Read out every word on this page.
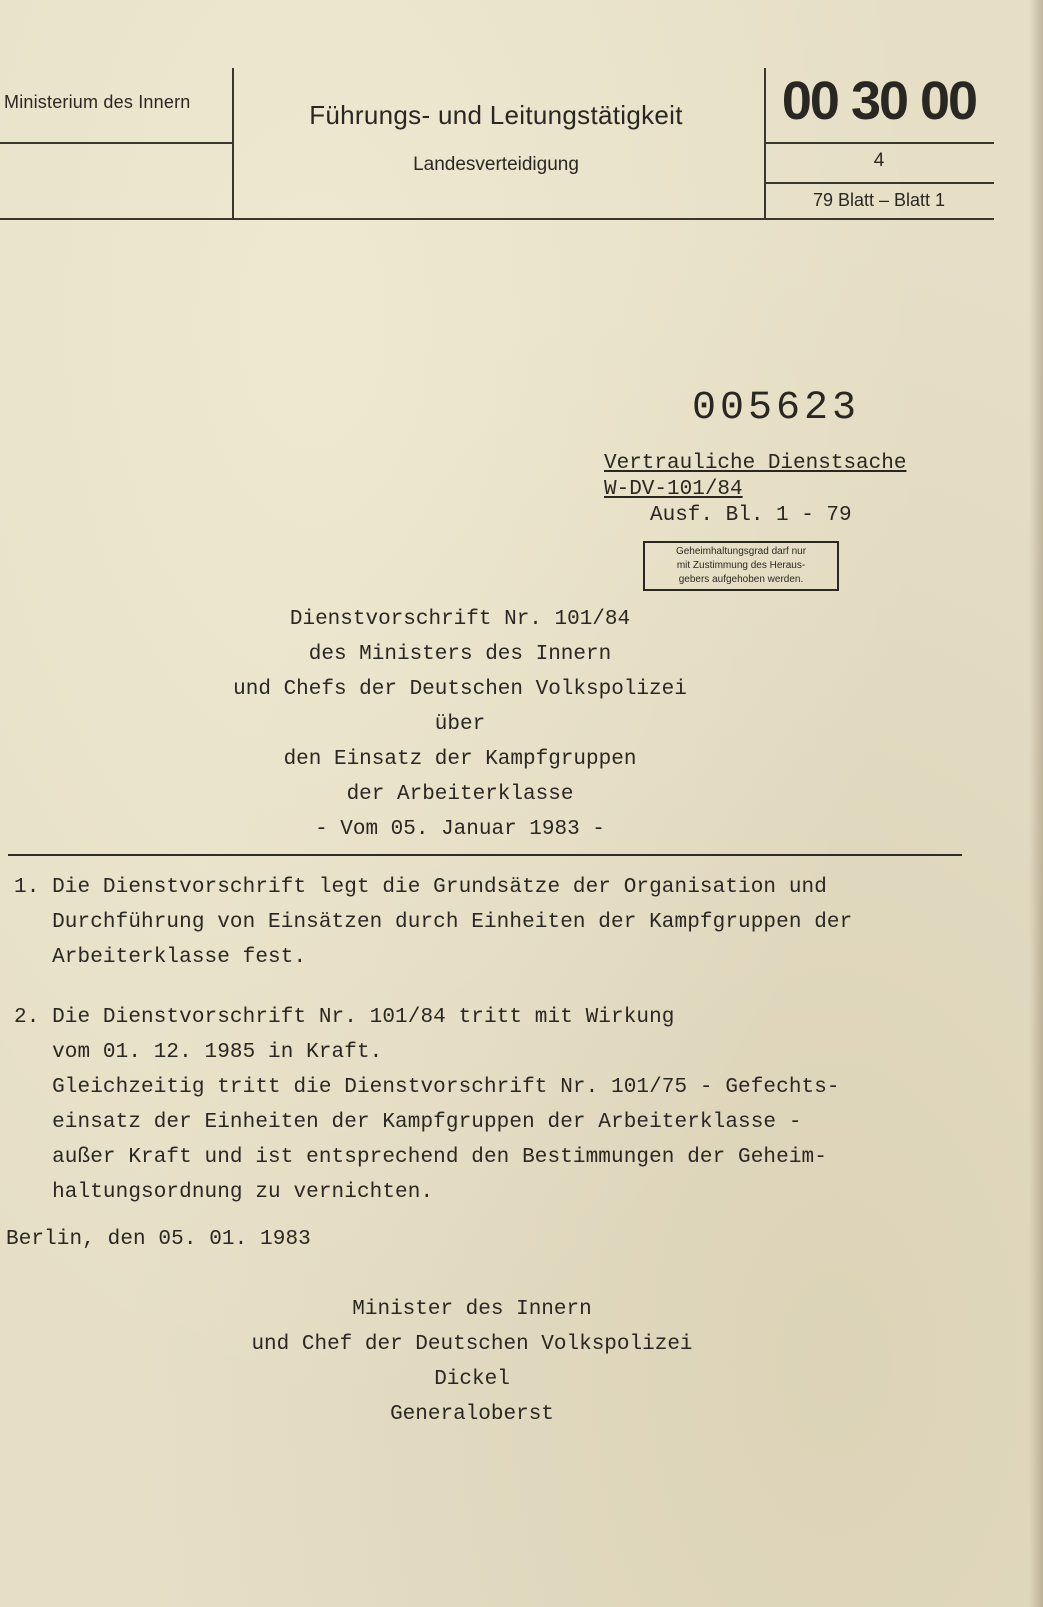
Ministerium des Innern	Führungs- und Leitungstätigkeit
Landesverteidigung
00 30 00
4
79 Blatt – Blatt 1
005623
Vertrauliche Dienstsache
W-DV-101/84
Ausf. Bl. 1 - 79
Geheimhaltungsgrad darf nur
mit Zustimmung des Heraus-
gebers aufgehoben werden.
Dienstvorschrift Nr. 101/84
des Ministers des Innern
und Chefs der Deutschen Volkspolizei
über
den Einsatz der Kampfgruppen
der Arbeiterklasse
- Vom 05. Januar 1983 -
1. Die Dienstvorschrift legt die Grundsätze der Organisation und
Durchführung von Einsätzen durch Einheiten der Kampfgruppen der
Arbeiterklasse fest.
2. Die Dienstvorschrift Nr. 101/84 tritt mit Wirkung
vom 01. 12. 1985 in Kraft.
Gleichzeitig tritt die Dienstvorschrift Nr. 101/75 - Gefechts-
einsatz der Einheiten der Kampfgruppen der Arbeiterklasse -
außer Kraft und ist entsprechend den Bestimmungen der Geheim-
haltungsordnung zu vernichten.
Berlin, den 05. 01. 1983
Minister des Innern
und Chef der Deutschen Volkspolizei
Dickel
Generaloberst
